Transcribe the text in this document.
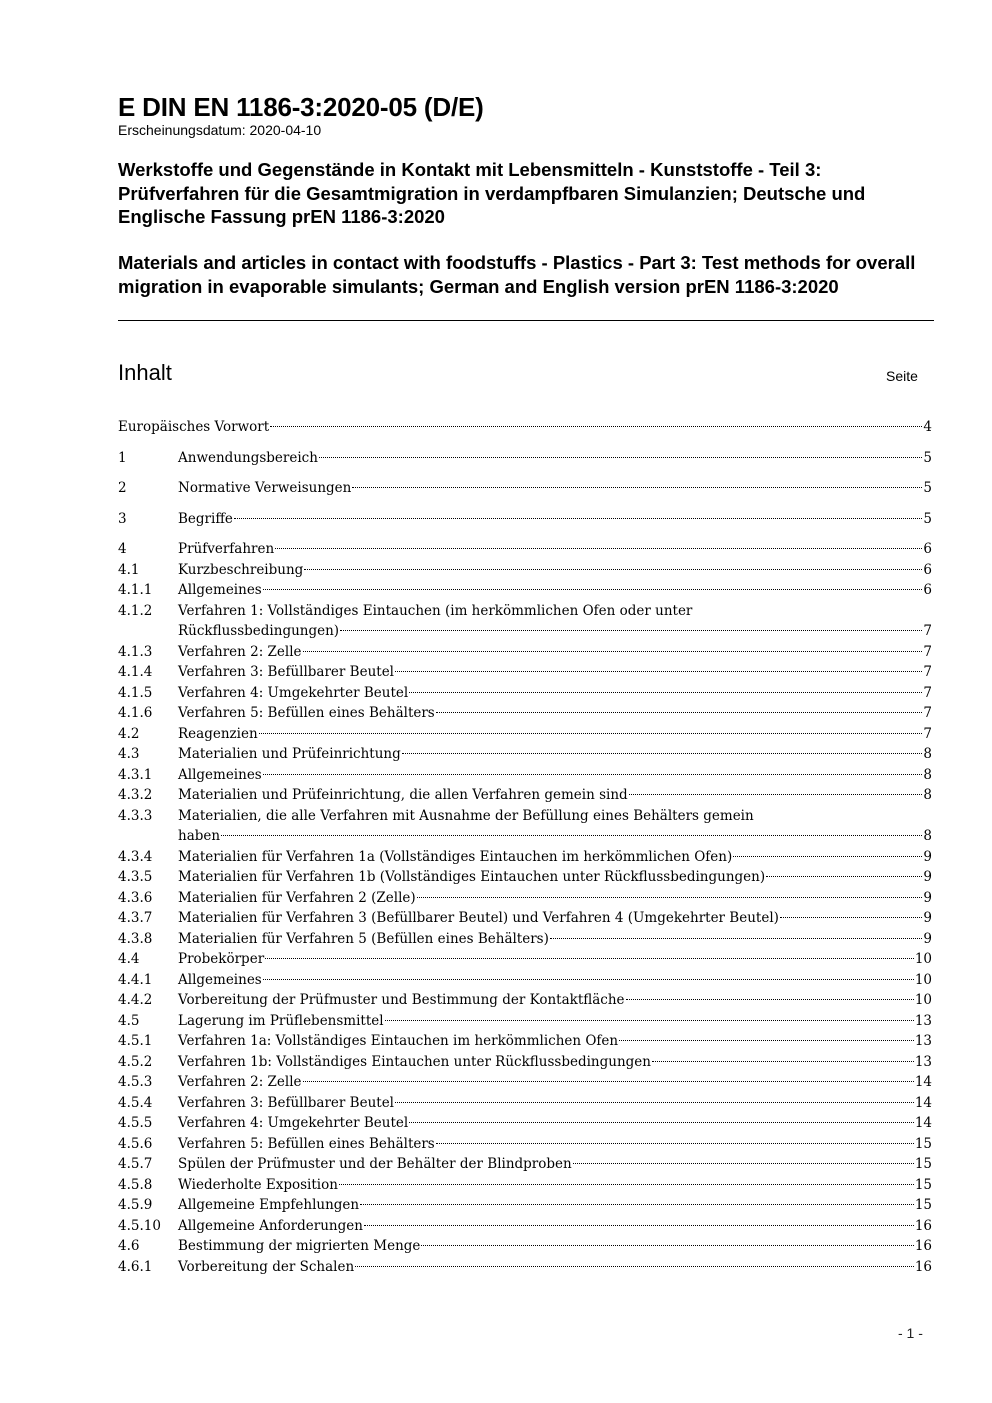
E DIN EN 1186-3:2020-05 (D/E)
Erscheinungsdatum: 2020-04-10
Werkstoffe und Gegenstände in Kontakt mit Lebensmitteln - Kunststoffe - Teil 3: Prüfverfahren für die Gesamtmigration in verdampfbaren Simulanzien; Deutsche und Englische Fassung prEN 1186-3:2020
Materials and articles in contact with foodstuffs - Plastics - Part 3: Test methods for overall migration in evaporable simulants; German and English version prEN 1186-3:2020
Inhalt	Seite
Europäisches Vorwort	4
1	Anwendungsbereich	5
2	Normative Verweisungen	5
3	Begriffe	5
4	Prüfverfahren	6
4.1	Kurzbeschreibung	6
4.1.1 Allgemeines	6
4.1.2 Verfahren 1: Vollständiges Eintauchen (im herkömmlichen Ofen oder unter
Rückflussbedingungen)	7
4.1.3 Verfahren 2: Zelle	7
4.1.4 Verfahren 3: Befüllbarer Beutel	7
4.1.5 Verfahren 4: Umgekehrter Beutel	7
4.1.6 Verfahren 5: Befüllen eines Behälters	7
4.2	Reagenzien	7
4.3	Materialien und Prüfeinrichtung	8
4.3.1 Allgemeines	8
4.3.2 Materialien und Prüfeinrichtung, die allen Verfahren gemein sind	8
4.3.3 Materialien, die alle Verfahren mit Ausnahme der Befüllung eines Behälters gemein
haben	8
4.3.4 Materialien für Verfahren 1a (Vollständiges Eintauchen im herkömmlichen Ofen)	9
4.3.5 Materialien für Verfahren 1b (Vollständiges Eintauchen unter Rückflussbedingungen)	9
4.3.6 Materialien für Verfahren 2 (Zelle)	9
4.3.7 Materialien für Verfahren 3 (Befüllbarer Beutel) und Verfahren 4 (Umgekehrter Beutel)	9
4.3.8 Materialien für Verfahren 5 (Befüllen eines Behälters)	9
4.4	Probekörper	10
4.4.1 Allgemeines	10
4.4.2 Vorbereitung der Prüfmuster und Bestimmung der Kontaktfläche	10
4.5	Lagerung im Prüflebensmittel	13
4.5.1 Verfahren 1a: Vollständiges Eintauchen im herkömmlichen Ofen	13
4.5.2 Verfahren 1b: Vollständiges Eintauchen unter Rückflussbedingungen	13
4.5.3 Verfahren 2: Zelle	14
4.5.4 Verfahren 3: Befüllbarer Beutel	14
4.5.5 Verfahren 4: Umgekehrter Beutel	14
4.5.6 Verfahren 5: Befüllen eines Behälters	15
4.5.7 Spülen der Prüfmuster und der Behälter der Blindproben	15
4.5.8 Wiederholte Exposition	15
4.5.9 Allgemeine Empfehlungen	15
4.5.10 Allgemeine Anforderungen	16
4.6	Bestimmung der migrierten Menge	16
4.6.1 Vorbereitung der Schalen	16
- 1 -
